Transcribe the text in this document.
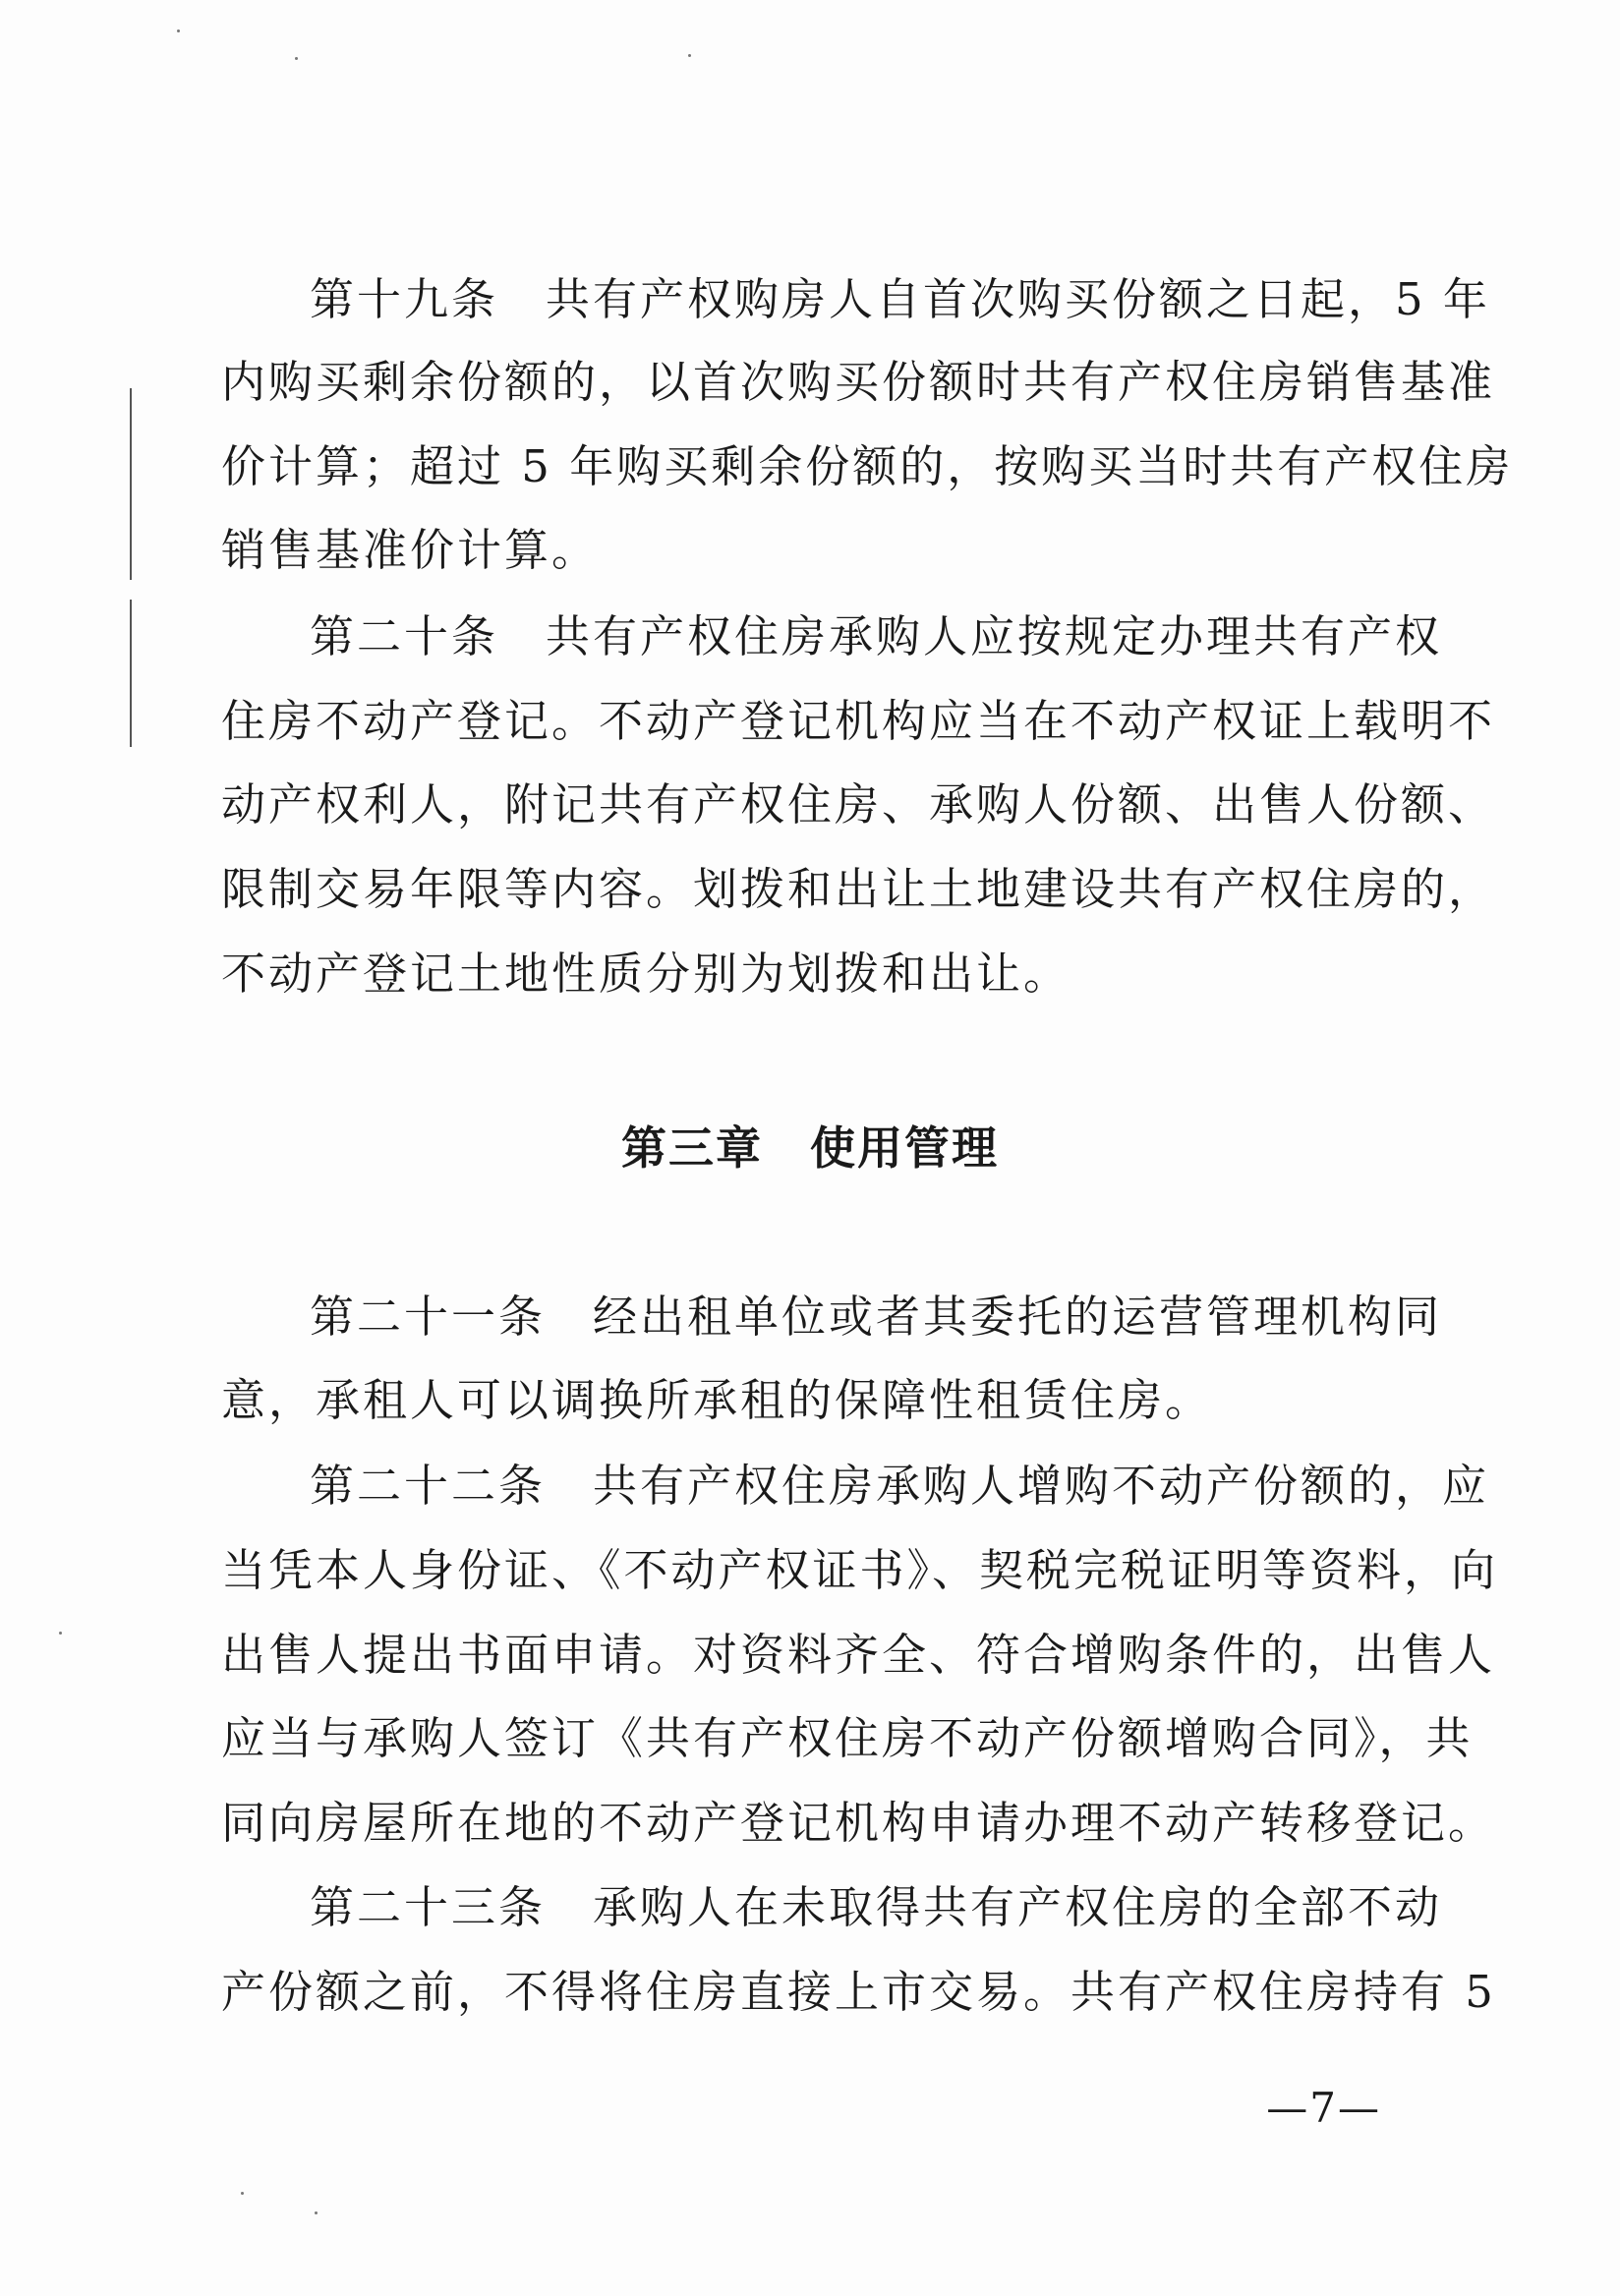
第十九条　共有产权购房人自首次购买份额之日起，5 年
内购买剩余份额的，以首次购买份额时共有产权住房销售基准
价计算；超过 5 年购买剩余份额的，按购买当时共有产权住房
销售基准价计算。
第二十条　共有产权住房承购人应按规定办理共有产权
住房不动产登记。不动产登记机构应当在不动产权证上载明不
动产权利人，附记共有产权住房、承购人份额、出售人份额、
限制交易年限等内容。划拨和出让土地建设共有产权住房的，
不动产登记土地性质分别为划拨和出让。
第三章　使用管理
第二十一条　经出租单位或者其委托的运营管理机构同
意，承租人可以调换所承租的保障性租赁住房。
第二十二条　共有产权住房承购人增购不动产份额的，应
当凭本人身份证、《不动产权证书》、契税完税证明等资料，向
出售人提出书面申请。对资料齐全、符合增购条件的，出售人
应当与承购人签订《共有产权住房不动产份额增购合同》，共
同向房屋所在地的不动产登记机构申请办理不动产转移登记。
第二十三条　承购人在未取得共有产权住房的全部不动
产份额之前，不得将住房直接上市交易。共有产权住房持有 5
—7—
